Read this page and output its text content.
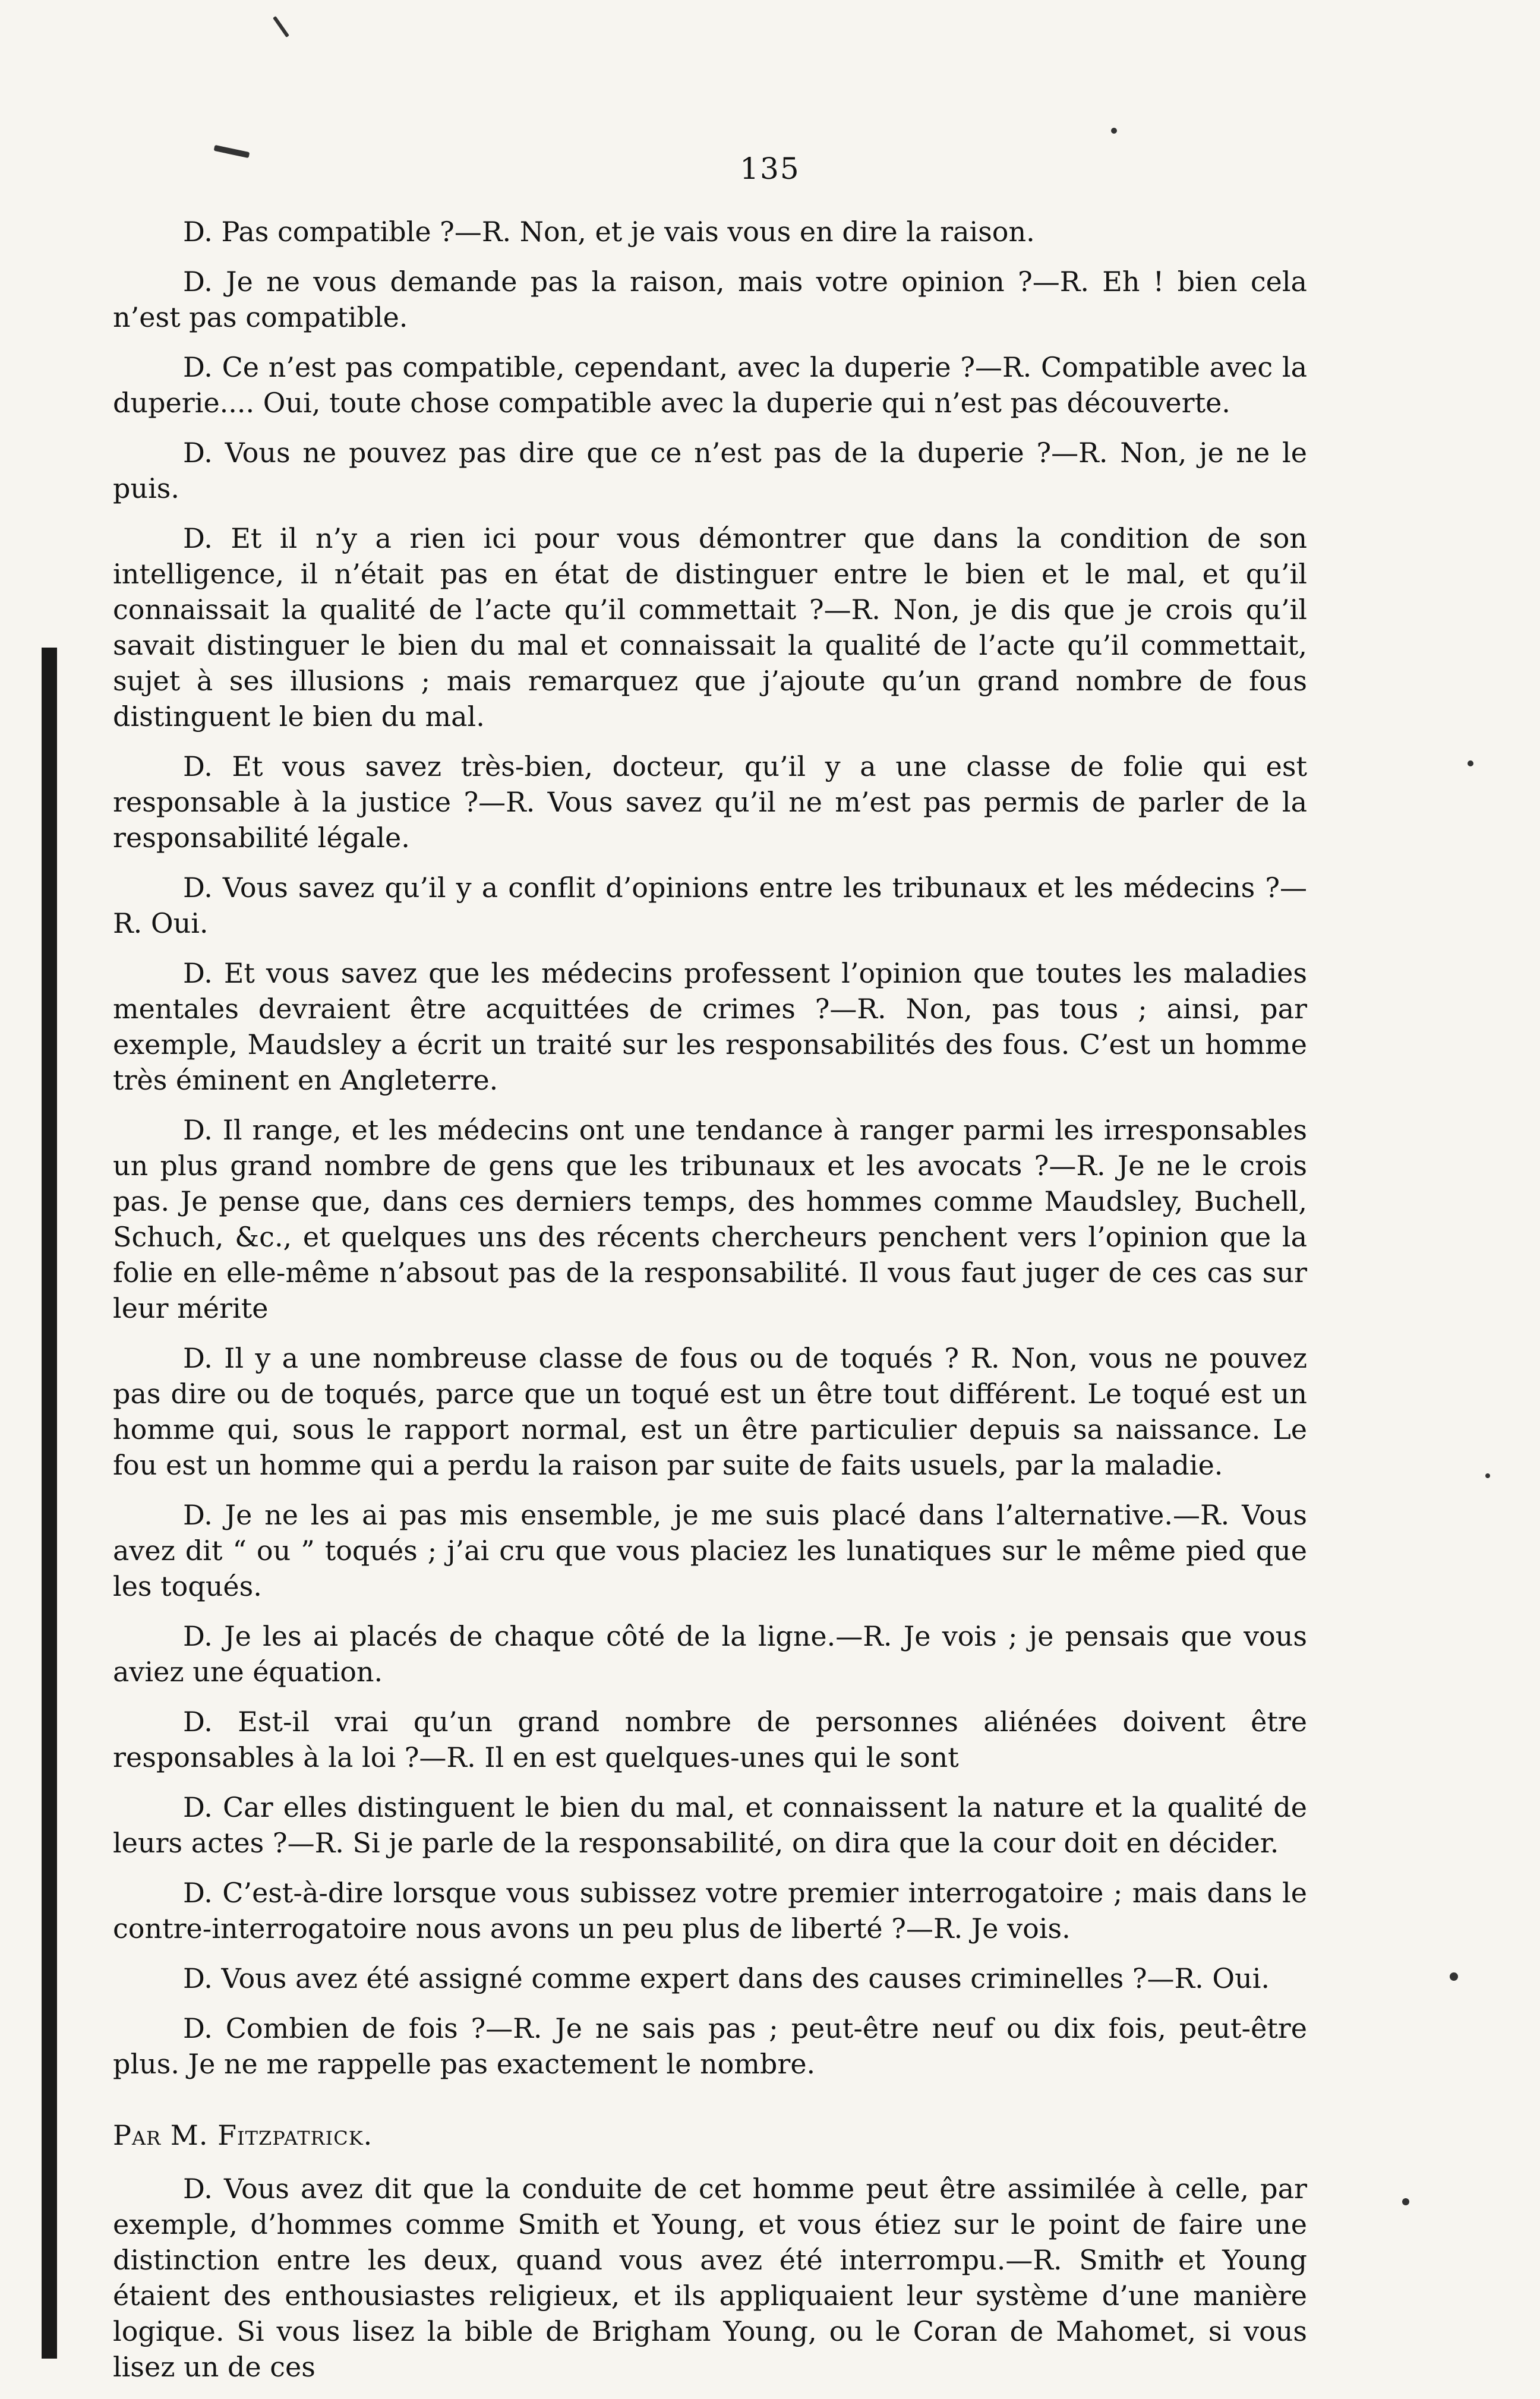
135

D. Pas compatible ?—R. Non, et je vais vous en dire la raison.

D. Je ne vous demande pas la raison, mais votre opinion ?—R. Eh ! bien cela n’est pas compatible.

D. Ce n’est pas compatible, cependant, avec la duperie ?—R. Compatible avec la duperie.... Oui, toute chose compatible avec la duperie qui n’est pas découverte.

D. Vous ne pouvez pas dire que ce n’est pas de la duperie ?—R. Non, je ne le puis.

D. Et il n’y a rien ici pour vous démontrer que dans la condition de son intelligence, il n’était pas en état de distinguer entre le bien et le mal, et qu’il connaissait la qualité de l’acte qu’il commettait ?—R. Non, je dis que je crois qu’il savait distinguer le bien du mal et connaissait la qualité de l’acte qu’il commettait, sujet à ses illusions ; mais remarquez que j’ajoute qu’un grand nombre de fous distinguent le bien du mal.

D. Et vous savez très-bien, docteur, qu’il y a une classe de folie qui est responsable à la justice ?—R. Vous savez qu’il ne m’est pas permis de parler de la responsabilité légale.

D. Vous savez qu’il y a conflit d’opinions entre les tribunaux et les médecins ?—R. Oui.

D. Et vous savez que les médecins professent l’opinion que toutes les maladies mentales devraient être acquittées de crimes ?—R. Non, pas tous ; ainsi, par exemple, Maudsley a écrit un traité sur les responsabilités des fous. C’est un homme très éminent en Angleterre.

D. Il range, et les médecins ont une tendance à ranger parmi les irresponsables un plus grand nombre de gens que les tribunaux et les avocats ?—R. Je ne le crois pas. Je pense que, dans ces derniers temps, des hommes comme Maudsley, Buchell, Schuch, &c., et quelques uns des récents chercheurs penchent vers l’opinion que la folie en elle-même n’absout pas de la responsabilité. Il vous faut juger de ces cas sur leur mérite

D. Il y a une nombreuse classe de fous ou de toqués ? R. Non, vous ne pouvez pas dire ou de toqués, parce que un toqué est un être tout différent. Le toqué est un homme qui, sous le rapport normal, est un être particulier depuis sa naissance. Le fou est un homme qui a perdu la raison par suite de faits usuels, par la maladie.

D. Je ne les ai pas mis ensemble, je me suis placé dans l’alternative.—R. Vous avez dit “ ou ” toqués ; j’ai cru que vous placiez les lunatiques sur le même pied que les toqués.

D. Je les ai placés de chaque côté de la ligne.—R. Je vois ; je pensais que vous aviez une équation.

D. Est-il vrai qu’un grand nombre de personnes aliénées doivent être responsables à la loi ?—R. Il en est quelques-unes qui le sont

D. Car elles distinguent le bien du mal, et connaissent la nature et la qualité de leurs actes ?—R. Si je parle de la responsabilité, on dira que la cour doit en décider.

D. C’est-à-dire lorsque vous subissez votre premier interrogatoire ; mais dans le contre-interrogatoire nous avons un peu plus de liberté ?—R. Je vois.

D. Vous avez été assigné comme expert dans des causes criminelles ?—R. Oui.

D. Combien de fois ?—R. Je ne sais pas ; peut-être neuf ou dix fois, peut-être plus. Je ne me rappelle pas exactement le nombre.

Par M. Fitzpatrick.

D. Vous avez dit que la conduite de cet homme peut être assimilée à celle, par exemple, d’hommes comme Smith et Young, et vous étiez sur le point de faire une distinction entre les deux, quand vous avez été interrompu.—R. Smith et Young étaient des enthousiastes religieux, et ils appliquaient leur système d’une manière logique. Si vous lisez la bible de Brigham Young, ou le Coran de Mahomet, si vous lisez un de ces
